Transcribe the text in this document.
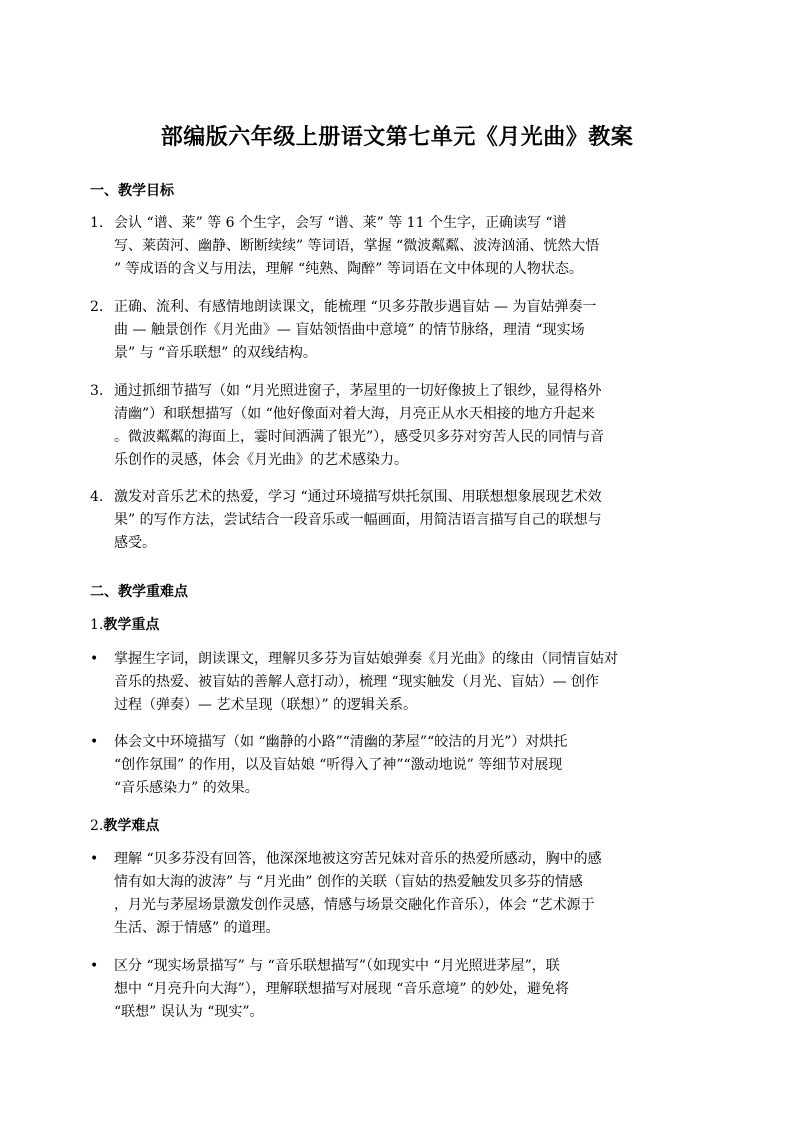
部编版六年级上册语文第七单元《月光曲》教案
一、教学目标
1. 会认 “谱、莱” 等 6 个生字，会写 “谱、莱” 等 11 个生字，正确读写 “谱
写、莱茵河、幽静、断断续续” 等词语，掌握 “微波粼粼、波涛汹涌、恍然大悟
” 等成语的含义与用法，理解 “纯熟、陶醉” 等词语在文中体现的人物状态。
2. 正确、流利、有感情地朗读课文，能梳理 “贝多芬散步遇盲姑 — 为盲姑弹奏一
曲 — 触景创作《月光曲》— 盲姑领悟曲中意境” 的情节脉络，理清 “现实场
景” 与 “音乐联想” 的双线结构。
3. 通过抓细节描写（如 “月光照进窗子，茅屋里的一切好像披上了银纱，显得格外
清幽”）和联想描写（如 “他好像面对着大海，月亮正从水天相接的地方升起来
。微波粼粼的海面上，霎时间洒满了银光”），感受贝多芬对穷苦人民的同情与音
乐创作的灵感，体会《月光曲》的艺术感染力。
4. 激发对音乐艺术的热爱，学习 “通过环境描写烘托氛围、用联想想象展现艺术效
果” 的写作方法，尝试结合一段音乐或一幅画面，用简洁语言描写自己的联想与
感受。
二、教学重难点
1.教学重点
• 掌握生字词，朗读课文，理解贝多芬为盲姑娘弹奏《月光曲》的缘由（同情盲姑对
音乐的热爱、被盲姑的善解人意打动），梳理 “现实触发（月光、盲姑）— 创作
过程（弹奏）— 艺术呈现（联想）” 的逻辑关系。
• 体会文中环境描写（如 “幽静的小路”“清幽的茅屋”“皎洁的月光”）对烘托
“创作氛围” 的作用，以及盲姑娘 “听得入了神”“激动地说” 等细节对展现
“音乐感染力” 的效果。
2.教学难点
• 理解 “贝多芬没有回答，他深深地被这穷苦兄妹对音乐的热爱所感动，胸中的感
情有如大海的波涛” 与 “月光曲” 创作的关联（盲姑的热爱触发贝多芬的情感
，月光与茅屋场景激发创作灵感，情感与场景交融化作音乐），体会 “艺术源于
生活、源于情感” 的道理。
• 区分 “现实场景描写” 与 “音乐联想描写”（如现实中 “月光照进茅屋”，联
想中 “月亮升向大海”），理解联想描写对展现 “音乐意境” 的妙处，避免将
“联想” 误认为 “现实”。
